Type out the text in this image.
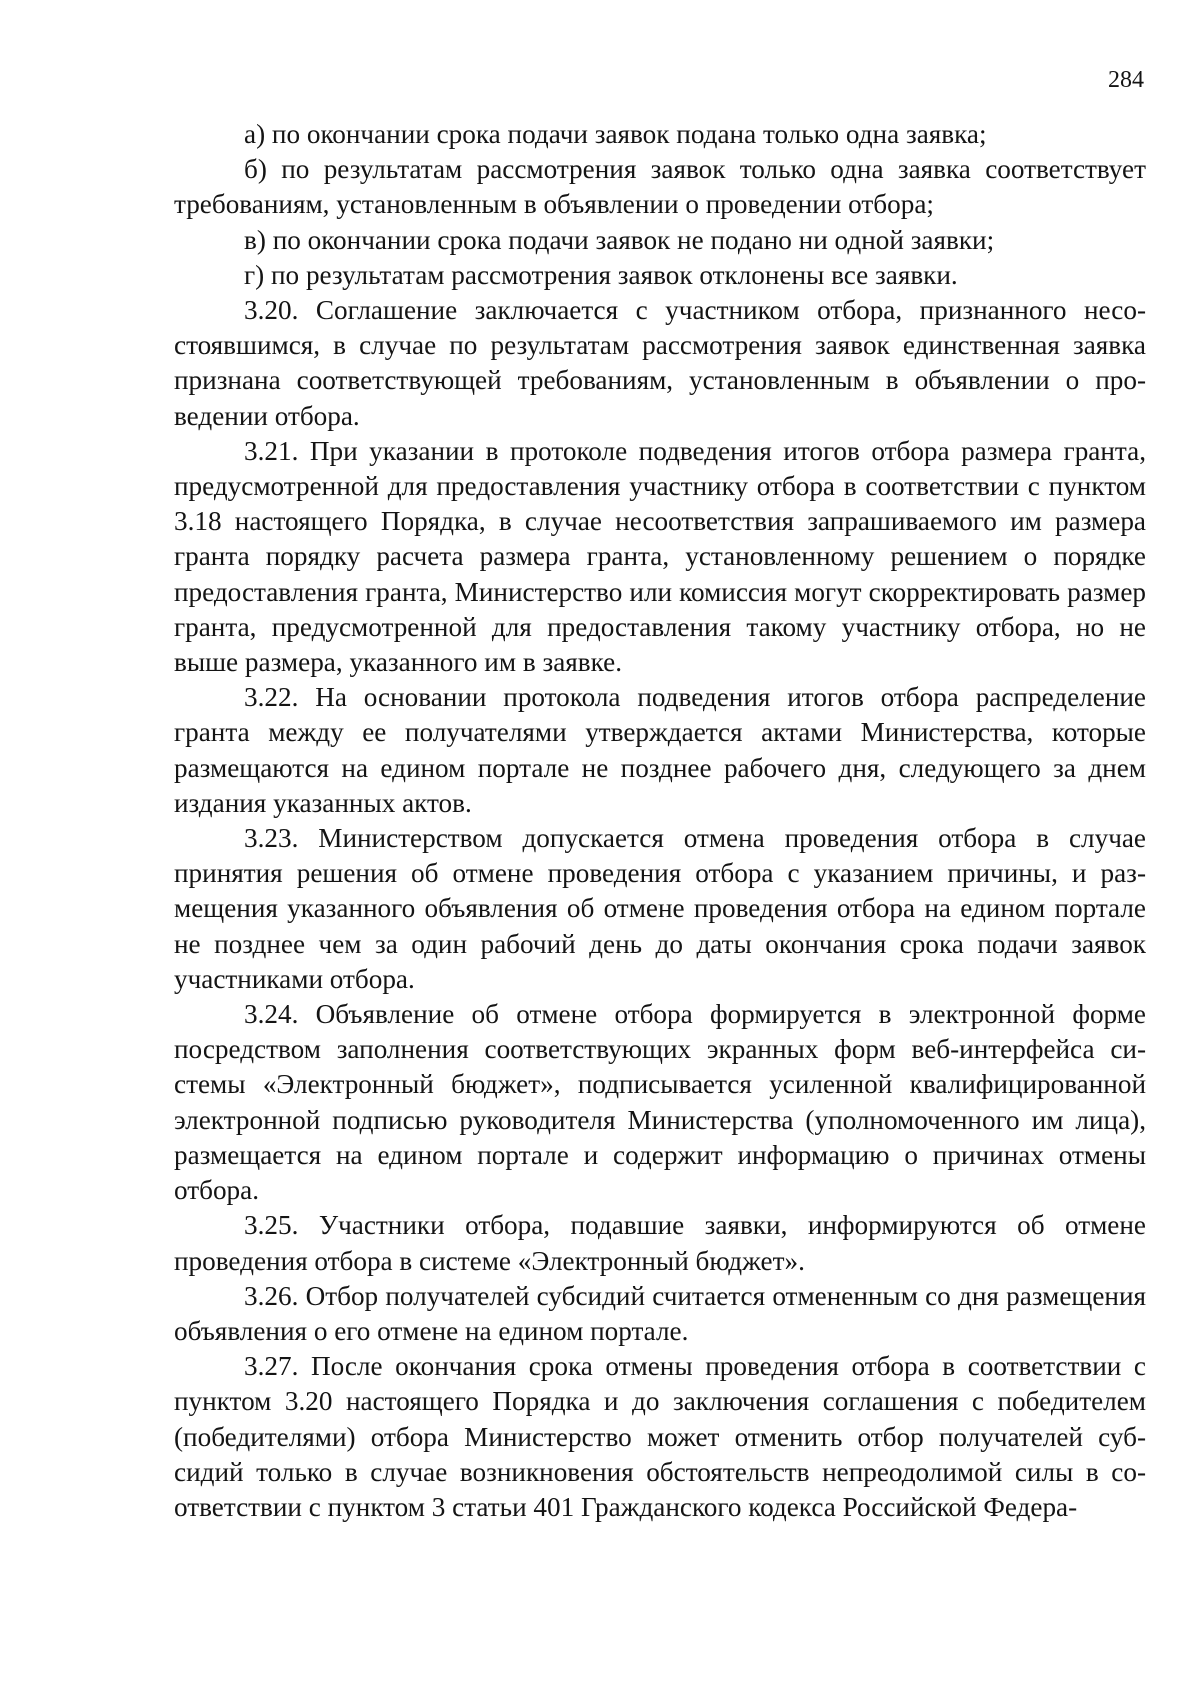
284

а) по окончании срока подачи заявок подана только одна заявка;

б) по результатам рассмотрения заявок только одна заявка соответствует требованиям, установленным в объявлении о проведении отбора;

в) по окончании срока подачи заявок не подано ни одной заявки;

г) по результатам рассмотрения заявок отклонены все заявки.

3.20. Соглашение заключается с участником отбора, признанного несостоявшимся, в случае по результатам рассмотрения заявок единственная заявка признана соответствующей требованиям, установленным в объявлении о проведении отбора.

3.21. При указании в протоколе подведения итогов отбора размера гранта, предусмотренной для предоставления участнику отбора в соответствии с пунктом 3.18 настоящего Порядка, в случае несоответствия запрашиваемого им размера гранта порядку расчета размера гранта, установленному решением о порядке предоставления гранта, Министерство или комиссия могут скорректировать размер гранта, предусмотренной для предоставления такому участнику отбора, но не выше размера, указанного им в заявке.

3.22. На основании протокола подведения итогов отбора распределение гранта между ее получателями утверждается актами Министерства, которые размещаются на едином портале не позднее рабочего дня, следующего за днем издания указанных актов.

3.23. Министерством допускается отмена проведения отбора в случае принятия решения об отмене проведения отбора с указанием причины, и размещения указанного объявления об отмене проведения отбора на едином портале не позднее чем за один рабочий день до даты окончания срока подачи заявок участниками отбора.

3.24. Объявление об отмене отбора формируется в электронной форме посредством заполнения соответствующих экранных форм веб-интерфейса системы «Электронный бюджет», подписывается усиленной квалифицированной электронной подписью руководителя Министерства (уполномоченного им лица), размещается на едином портале и содержит информацию о причинах отмены отбора.

3.25. Участники отбора, подавшие заявки, информируются об отмене проведения отбора в системе «Электронный бюджет».

3.26. Отбор получателей субсидий считается отмененным со дня размещения объявления о его отмене на едином портале.

3.27. После окончания срока отмены проведения отбора в соответствии с пунктом 3.20 настоящего Порядка и до заключения соглашения с победителем (победителями) отбора Министерство может отменить отбор получателей субсидий только в случае возникновения обстоятельств непреодолимой силы в соответствии с пунктом 3 статьи 401 Гражданского кодекса Российской Федера-
